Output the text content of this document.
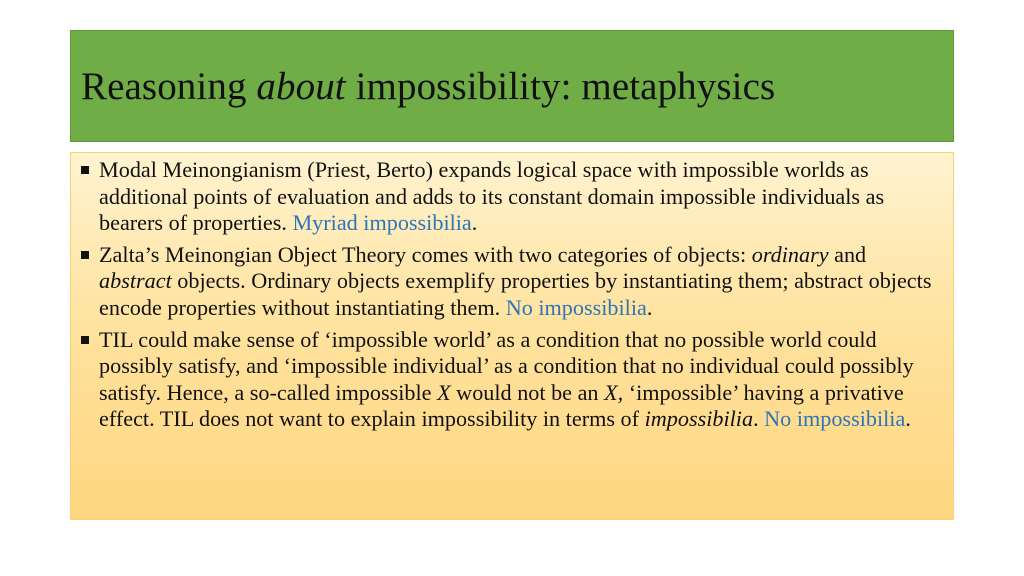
Reasoning about impossibility: metaphysics
Modal Meinongianism (Priest, Berto) expands logical space with impossible worlds as additional points of evaluation and adds to its constant domain impossible individuals as bearers of properties. Myriad impossibilia.
Zalta’s Meinongian Object Theory comes with two categories of objects: ordinary and abstract objects. Ordinary objects exemplify properties by instantiating them; abstract objects encode properties without instantiating them. No impossibilia.
TIL could make sense of ‘impossible world’ as a condition that no possible world could possibly satisfy, and ‘impossible individual’ as a condition that no individual could possibly satisfy. Hence, a so-called impossible X would not be an X, ‘impossible’ having a privative effect. TIL does not want to explain impossibility in terms of impossibilia. No impossibilia.
